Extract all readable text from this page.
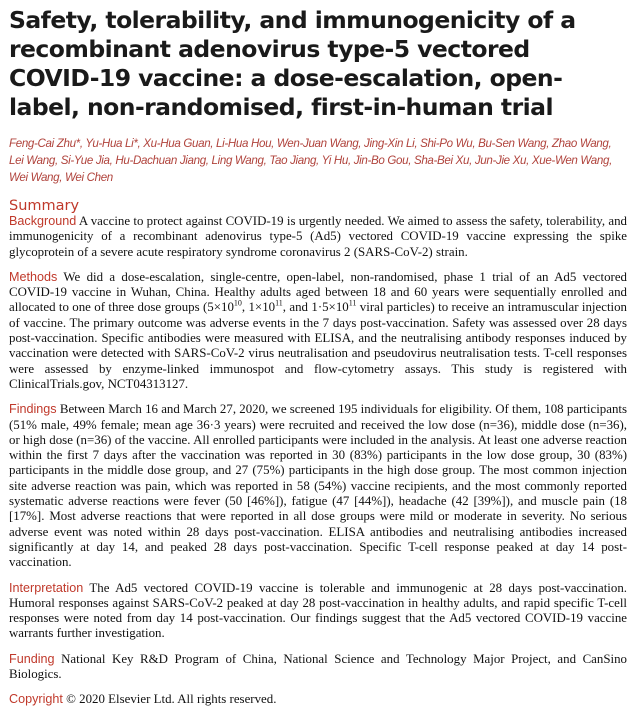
Safety, tolerability, and immunogenicity of a recombinant adenovirus type-5 vectored COVID-19 vaccine: a dose-escalation, open-label, non-randomised, first-in-human trial
Feng-Cai Zhu*, Yu-Hua Li*, Xu-Hua Guan, Li-Hua Hou, Wen-Juan Wang, Jing-Xin Li, Shi-Po Wu, Bu-Sen Wang, Zhao Wang, Lei Wang, Si-Yue Jia, Hu-Dachuan Jiang, Ling Wang, Tao Jiang, Yi Hu, Jin-Bo Gou, Sha-Bei Xu, Jun-Jie Xu, Xue-Wen Wang, Wei Wang, Wei Chen
Summary

Background A vaccine to protect against COVID-19 is urgently needed. We aimed to assess the safety, tolerability, and immunogenicity of a recombinant adenovirus type-5 (Ad5) vectored COVID-19 vaccine expressing the spike glycoprotein of a severe acute respiratory syndrome coronavirus 2 (SARS-CoV-2) strain.

Methods We did a dose-escalation, single-centre, open-label, non-randomised, phase 1 trial of an Ad5 vectored COVID-19 vaccine in Wuhan, China. Healthy adults aged between 18 and 60 years were sequentially enrolled and allocated to one of three dose groups ($5\times 10^{10}$, $1\times 10^{11}$, and $1\cdot 5\times 10^{11}$ viral particles) to receive an intramuscular injection of vaccine. The primary outcome was adverse events in the 7 days post-vaccination. Safety was assessed over 28 days post-vaccination. Specific antibodies were measured with ELISA, and the neutralising antibody responses induced by vaccination were detected with SARS-CoV-2 virus neutralisation and pseudovirus neutralisation tests. T-cell responses were assessed by enzyme-linked immunospot and flow-cytometry assays. This study is registered with ClinicalTrials.gov, NCT04313127.

Findings Between March 16 and March 27, 2020, we screened 195 individuals for eligibility. Of them, 108 participants (51% male, 49% female; mean age 36·3 years) were recruited and received the low dose (n=36), middle dose (n=36), or high dose (n=36) of the vaccine. All enrolled participants were included in the analysis. At least one adverse reaction within the first 7 days after the vaccination was reported in 30 (83%) participants in the low dose group, 30 (83%) participants in the middle dose group, and 27 (75%) participants in the high dose group. The most common injection site adverse reaction was pain, which was reported in 58 (54%) vaccine recipients, and the most commonly reported systematic adverse reactions were fever (50 [46%]), fatigue (47 [44%]), headache (42 [39%]), and muscle pain (18 [17%]. Most adverse reactions that were reported in all dose groups were mild or moderate in severity. No serious adverse event was noted within 28 days post-vaccination. ELISA antibodies and neutralising antibodies increased significantly at day 14, and peaked 28 days post-vaccination. Specific T-cell response peaked at day 14 post-vaccination.

Interpretation The Ad5 vectored COVID-19 vaccine is tolerable and immunogenic at 28 days post-vaccination. Humoral responses against SARS-CoV-2 peaked at day 28 post-vaccination in healthy adults, and rapid specific T-cell responses were noted from day 14 post-vaccination. Our findings suggest that the Ad5 vectored COVID-19 vaccine warrants further investigation.

Funding National Key R&D Program of China, National Science and Technology Major Project, and CanSino Biologics.

Copyright © 2020 Elsevier Ltd. All rights reserved.
